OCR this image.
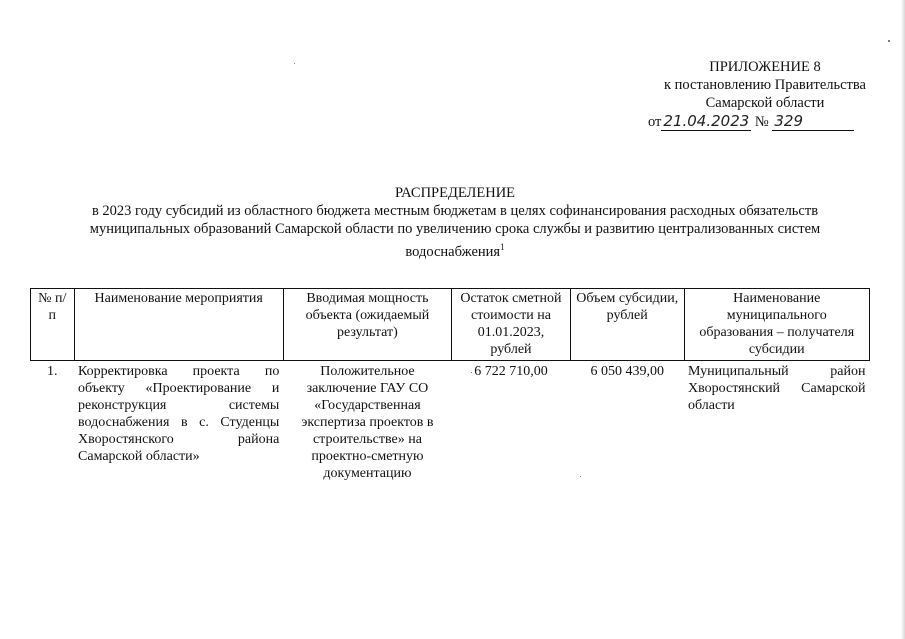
ПРИЛОЖЕНИЕ 8
к постановлению Правительства
Самарской области
от 21.04.2023 № 329
РАСПРЕДЕЛЕНИЕ
в 2023 году субсидий из областного бюджета местным бюджетам в целях софинансирования расходных обязательств муниципальных образований Самарской области по увеличению срока службы и развитию централизованных систем водоснабжения$^1$
№ п/п	Наименование мероприятия	Вводимая мощность объекта (ожидаемый результат)	Остаток сметной стоимости на 01.01.2023, рублей	Объем субсидии, рублей	Наименование муниципального образования – получателя субсидии
1.	Корректировка проекта по объекту «Проектирование и реконструкция системы водоснабжения в с. Студенцы Хворостянского района Самарской области»	Положительное заключение ГАУ СО «Государственная экспертиза проектов в строительстве» на проектно-сметную документацию	6 722 710,00	6 050 439,00	Муниципальный район Хворостянский Самарской области
